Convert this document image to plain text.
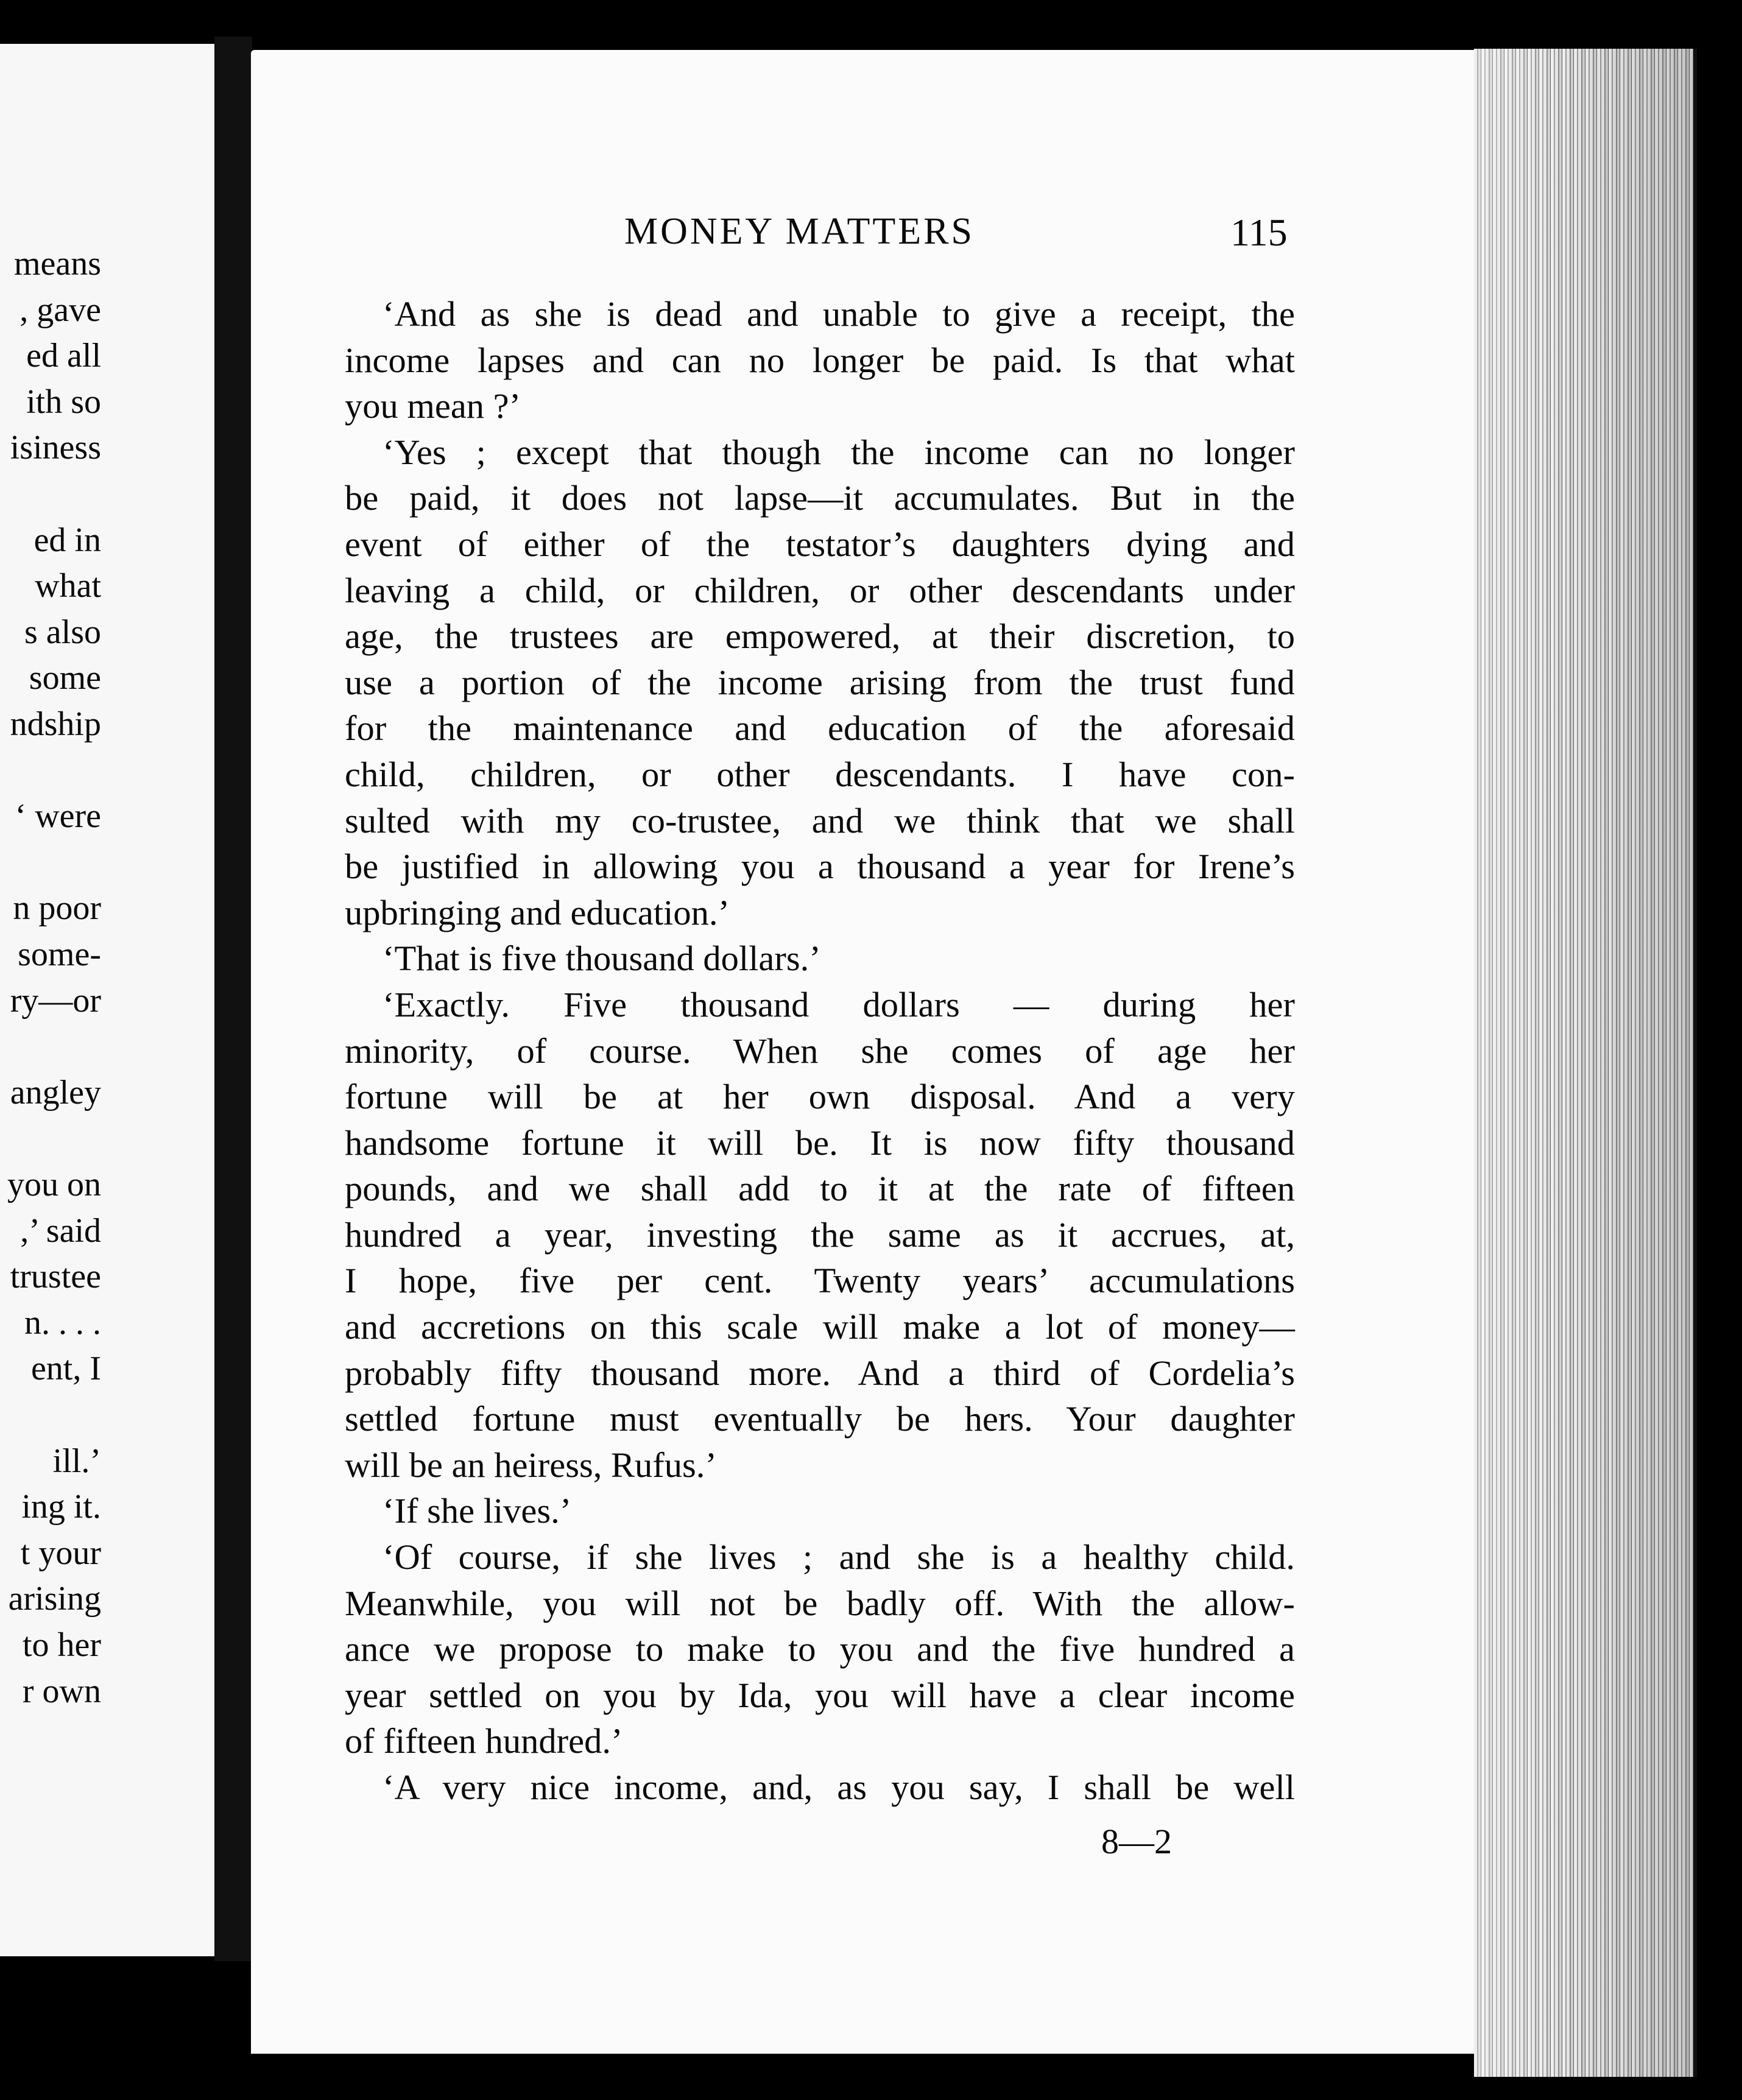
means
, gave
ed all
ith so
isiness
ed in
what
s also
some
ndship
‘ were
n poor
some-
ry—or
angley
you on
,’ said
trustee
n. . . .
ent, I
ill.’
ing it.
t your
arising
to her
r own
MONEY MATTERS	115
‘And as she is dead and unable to give a receipt, the
income lapses and can no longer be paid. Is that what
you mean ?’
‘Yes ; except that though the income can no longer
be paid, it does not lapse—it accumulates. But in the
event of either of the testator’s daughters dying and
leaving a child, or children, or other descendants under
age, the trustees are empowered, at their discretion, to
use a portion of the income arising from the trust fund
for the maintenance and education of the aforesaid
child, children, or other descendants. I have con-
sulted with my co-trustee, and we think that we shall
be justified in allowing you a thousand a year for Irene’s
upbringing and education.’
‘That is five thousand dollars.’
‘Exactly. Five thousand dollars — during her
minority, of course. When she comes of age her
fortune will be at her own disposal. And a very
handsome fortune it will be. It is now fifty thousand
pounds, and we shall add to it at the rate of fifteen
hundred a year, investing the same as it accrues, at,
I hope, five per cent. Twenty years’ accumulations
and accretions on this scale will make a lot of money—
probably fifty thousand more. And a third of Cordelia’s
settled fortune must eventually be hers. Your daughter
will be an heiress, Rufus.’
‘If she lives.’
‘Of course, if she lives ; and she is a healthy child.
Meanwhile, you will not be badly off. With the allow-
ance we propose to make to you and the five hundred a
year settled on you by Ida, you will have a clear income
of fifteen hundred.’
‘A very nice income, and, as you say, I shall be well
8—2
